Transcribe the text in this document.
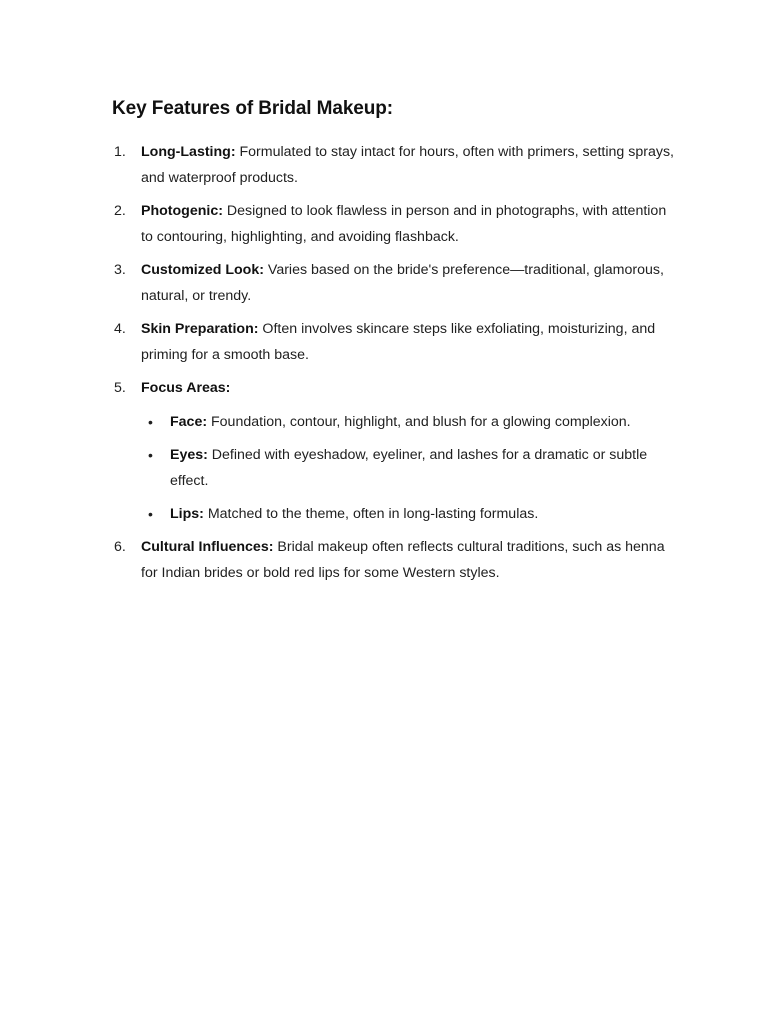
Key Features of Bridal Makeup:
1. Long-Lasting: Formulated to stay intact for hours, often with primers, setting sprays, and waterproof products.
2. Photogenic: Designed to look flawless in person and in photographs, with attention to contouring, highlighting, and avoiding flashback.
3. Customized Look: Varies based on the bride's preference—traditional, glamorous, natural, or trendy.
4. Skin Preparation: Often involves skincare steps like exfoliating, moisturizing, and priming for a smooth base.
5. Focus Areas:
• Face: Foundation, contour, highlight, and blush for a glowing complexion.
• Eyes: Defined with eyeshadow, eyeliner, and lashes for a dramatic or subtle effect.
• Lips: Matched to the theme, often in long-lasting formulas.
6. Cultural Influences: Bridal makeup often reflects cultural traditions, such as henna for Indian brides or bold red lips for some Western styles.
